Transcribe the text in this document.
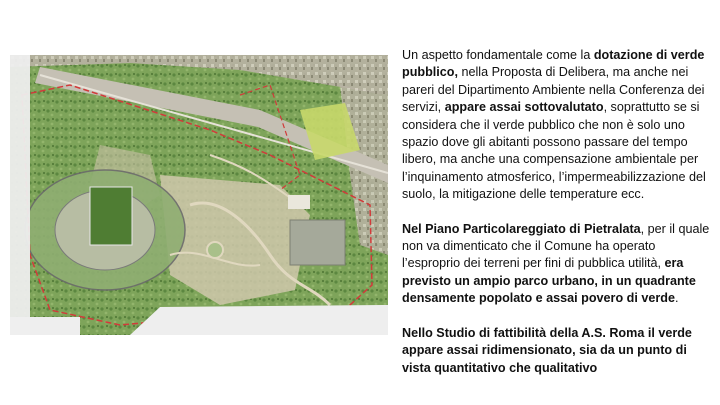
Un aspetto fondamentale come la dotazione di verde pubblico, nella Proposta di Delibera, ma anche nei pareri del Dipartimento Ambiente nella Conferenza dei servizi, appare assai sottovalutato, soprattutto se si considera che il verde pubblico che non è solo uno spazio dove gli abitanti possono passare del tempo libero, ma anche una compensazione ambientale per l’inquinamento atmosferico, l’impermeabilizzazione del suolo, la mitigazione delle temperature ecc.

Nel Piano Particolareggiato di Pietralata, per il quale non va dimenticato che il Comune ha operato l’esproprio dei terreni per fini di pubblica utilità, era previsto un ampio parco urbano, in un quadrante densamente popolato e assai povero di verde.

Nello Studio di fattibilità della A.S. Roma il verde appare assai ridimensionato, sia da un punto di vista quantitativo che qualitativo
